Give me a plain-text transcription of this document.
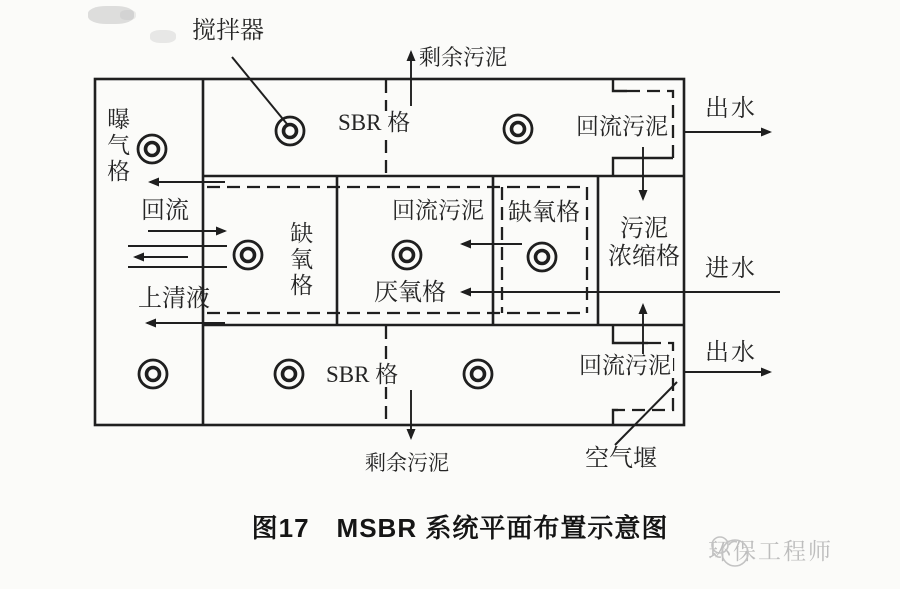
搅拌器
剩余污泥
SBR 格	回流污泥
出水
曝气格
回流
缺氧格
回流污泥 缺氧格
污泥
浓缩格	进水
上清液	厌氧格
SBR 格	回流污泥 出水
剩余污泥	空气堰
图17　MSBR 系统平面布置示意图
环保工程师
